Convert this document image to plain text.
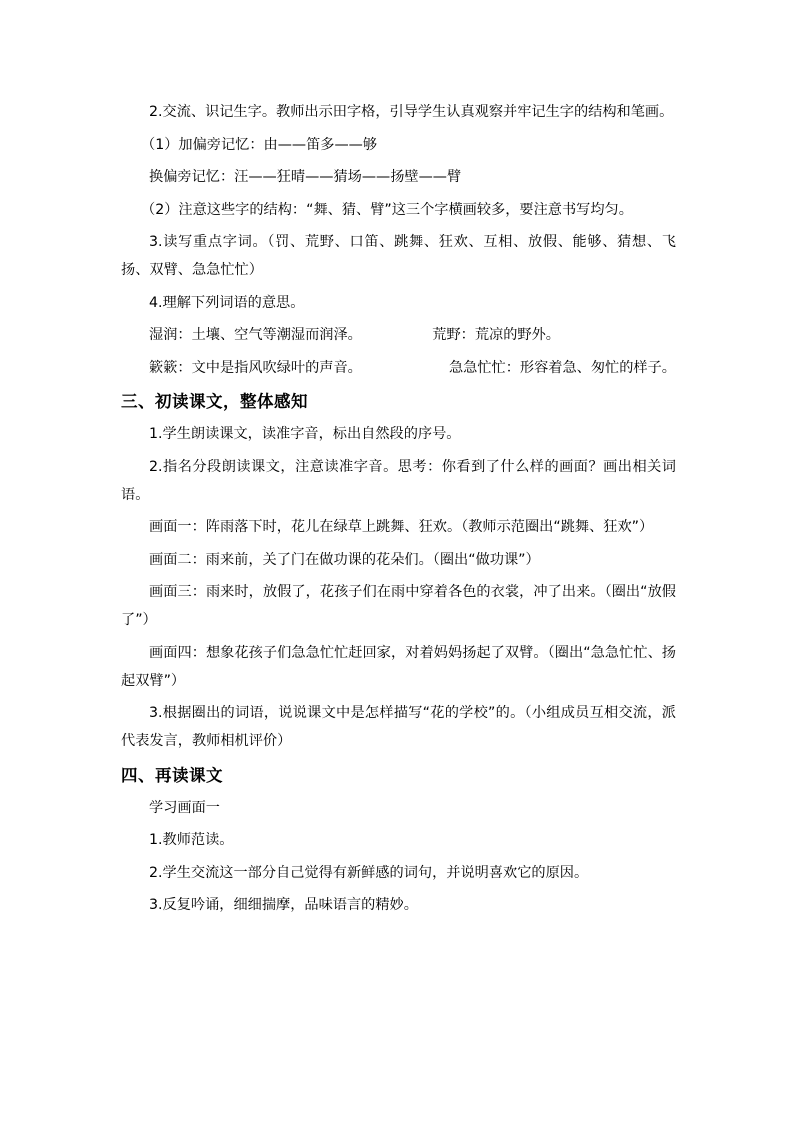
2.交流、识记生字。教师出示田字格，引导学生认真观察并牢记生字的结构和笔画。

（1）加偏旁记忆：由——笛多——够

换偏旁记忆：汪——狂晴——猜场——扬壁——臂

（2）注意这些字的结构：“舞、猜、臂”这三个字横画较多，要注意书写均匀。

3.读写重点字词。（罚、荒野、口笛、跳舞、狂欢、互相、放假、能够、猜想、飞扬、双臂、急急忙忙）

4.理解下列词语的意思。

湿润：土壤、空气等潮湿而润泽。	荒野：荒凉的野外。
簌簌：文中是指风吹绿叶的声音。	急急忙忙：形容着急、匆忙的样子。
三、初读课文，整体感知

1.学生朗读课文，读准字音，标出自然段的序号。

2.指名分段朗读课文，注意读准字音。思考：你看到了什么样的画面？画出相关词语。

画面一：阵雨落下时，花儿在绿草上跳舞、狂欢。（教师示范圈出“跳舞、狂欢”）

画面二：雨来前，关了门在做功课的花朵们。（圈出“做功课”）

画面三：雨来时，放假了，花孩子们在雨中穿着各色的衣裳，冲了出来。（圈出“放假了”）

画面四：想象花孩子们急急忙忙赶回家，对着妈妈扬起了双臂。（圈出“急急忙忙、扬起双臂”）

3.根据圈出的词语，说说课文中是怎样描写“花的学校”的。（小组成员互相交流，派代表发言，教师相机评价）

四、再读课文

学习画面一

1.教师范读。

2.学生交流这一部分自己觉得有新鲜感的词句，并说明喜欢它的原因。

3.反复吟诵，细细揣摩，品味语言的精妙。
